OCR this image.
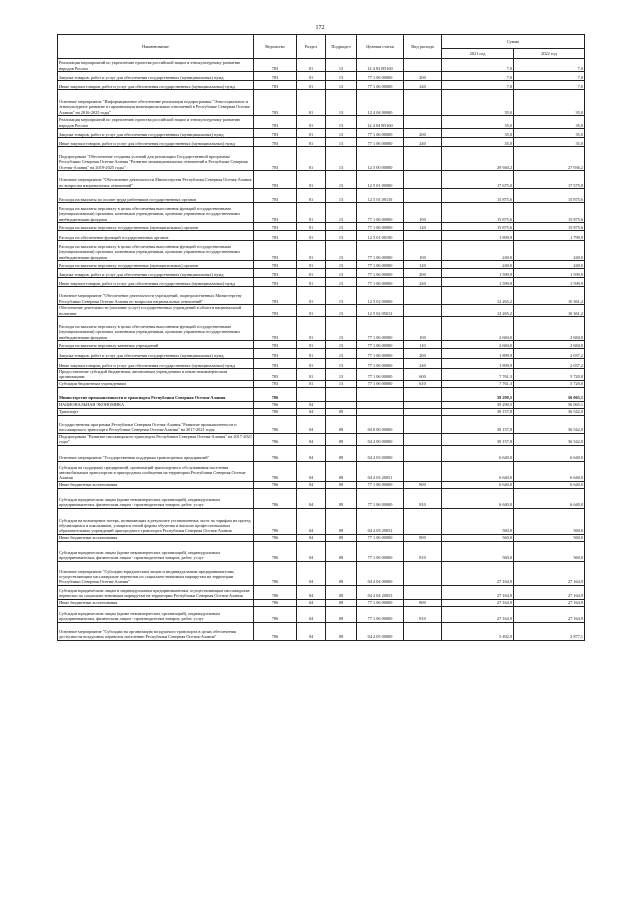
172
Наименование	Ведомство	Раздел	Подраздел	Целевая статья	Вид расхода	Сумма	
						2021 год	2022 год
Реализация мероприятий по укреплению единства российской нации и этнокультурному развитию народов России	783	01	13	12 4 03 R5160		7,0	7,0
Закупка товаров, работ и услуг для обеспечения государственных (муниципальных) нужд	783	01	13	77 1 06 00000	200	7,0	7,0
Иные закупки товаров, работ и услуг для обеспечения государственных (муниципальных) нужд	783	01	13	77 1 06 00000	240	7,0	7,0
Основное мероприятие "Информационное обеспечение реализации подпрограммы "Этносоциальное и этнокультурное развитие и гармонизация межнациональных отношений в Республике Северная Осетия-Алания" на 2016-2025 годы"	783	01	13	12 4 04 00000		35,0	35,0
Реализация мероприятий по укреплению единства российской нации и этнокультурному развитию народов России	783	01	13	12 4 04 R5160		35,0	35,0
Закупка товаров, работ и услуг для обеспечения государственных (муниципальных) нужд	783	01	13	77 1 06 00000	200	35,0	35,0
Иные закупки товаров, работ и услуг для обеспечения государственных (муниципальных) нужд	783	01	13	77 1 06 00000	240	35,0	35,0
Подпрограмма "Обеспечение создания условий для реализации Государственной программы Республики Северная Осетия-Алания "Развитие межнациональных отношений в Республике Северная Осетия-Алания" на 2019-2025 годы"	783	01	13	12 5 00 00000		29 940,2	27 936,2
Основное мероприятие "Обеспечение деятельности Министерства Республики Северная Осетия-Алания по вопросам национальных отношений"	783	01	13	12 5 01 00000		17 675,0	17 575,0
Расходы на выплаты по оплате труда работников государственных органов	783	01	13	12 5 01 00110		15 875,6	15 875,6
Расходы на выплаты персоналу в целях обеспечения выполнения функций государственными (муниципальными) органами, казенными учреждениями, органами управления государственными внебюджетными фондами	783	01	13	77 1 06 00000	100	15 875,6	15 875,6
Расходы на выплаты персоналу государственных (муниципальных) органов	783	01	13	77 1 06 00000	120	15 875,6	15 875,6
Расходы на обеспечение функций государственных органов	783	01	13	12 5 01 00190		1 899,9	1 799,9
Расходы на выплаты персоналу в целях обеспечения выполнения функций государственными (муниципальными) органами, казенными учреждениями, органами управления государственными внебюджетными фондами	783	01	13	77 1 06 00000	100	240,0	240,0
Расходы на выплаты персоналу государственных (муниципальных) органов	783	01	13	77 1 06 00000	120	240,0	240,0
Закупка товаров, работ и услуг для обеспечения государственных (муниципальных) нужд	783	01	13	77 1 06 00000	200	1 599,9	1 599,9
Иные закупки товаров, работ и услуг для обеспечения государственных (муниципальных) нужд	783	01	13	77 1 06 00000	240	1 599,9	1 599,9
Основное мероприятие "Обеспечение деятельности учреждений, подведомственных Министерству Республики Северная Осетия-Алания по вопросам национальных отношений"	783	01	13	12 5 02 00000		12 265,2	10 361,2
Обеспечение деятельности (оказание услуг) государственных учреждений в области национальной политики	783	01	13	12 5 02 05012		12 265,2	10 361,2
Расходы на выплаты персоналу в целях обеспечения выполнения функций государственными (муниципальными) органами, казенными учреждениями, органами управления государственными внебюджетными фондами	783	01	13	77 1 06 00000	100	2 684,0	2 684,0
Расходы на выплаты персоналу казенных учреждений	783	01	13	77 1 06 00000	110	2 684,0	2 684,0
Закупка товаров, работ и услуг для обеспечения государственных (муниципальных) нужд	783	01	13	77 1 06 00000	200	1 899,9	2 037,2
Иные закупки товаров, работ и услуг для обеспечения государственных (муниципальных) нужд	783	01	13	77 1 06 00000	240	1 899,9	2 037,2
Предоставление субсидий бюджетным, автономным учреждениям и иным некоммерческим организациям	783	01	13	77 1 06 00000	600	7 761,3	5 720,0
Субсидии бюджетным учреждениям	783	01	13	77 1 06 00000	610	7 761,3	5 720,0
Министерство промышленности и транспорта Республики Северная Осетия-Алания	786					59 290,5	56 065,1
НАЦИОНАЛЬНАЯ ЭКОНОМИКА	786	04				59 290,5	56 065,1
Транспорт	786	04	08			39 157,8	36 542,0
Государственная программа Республики Северная Осетия-Алания "Развитие промышленности и пассажирского транспорта Республики Северная Осетия-Алания" на 2017-2021 годы	786	04	08	04 0 00 00000		39 157,8	36 542,0
Подпрограмма "Развитие пассажирского транспорта Республики Северная Осетия-Алания" на 2017-2021 годы"	786	04	08	04 2 00 00000		39 157,8	36 542,0
Основное мероприятие "Государственная поддержка транспортных предприятий"	786	04	08	04 2 03 00000		6 640,0	6 640,0
Субсидии на поддержку предприятий, организаций транспортного обслуживания населения автомобильным транспортом в пригородном сообщении на территории Республики Северная Осетия-Алания	786	04	08	04 2 03 20051		6 640,0	6 640,0
Иные бюджетные ассигнования	786	04	08	77 1 06 00000	800	6 640,0	6 640,0
Субсидии юридическим лицам (кроме некоммерческих организаций), индивидуальным предпринимателям, физическим лицам - производителям товаров, работ, услуг	786	04	08	77 1 06 00000	810	6 640,0	6 640,0
Субсидии на возмещение потерь, возникающих в результате установленных льгот по тарифам на проезд обучающимся и школьников, учащихся очной формы обучения и высших профессиональных образовательных учреждений пригородного транспорта Республики Северная Осетия-Алания	786	04	08	04 2 03 20052		560,0	560,0
Иные бюджетные ассигнования	786	04	08	77 1 06 00000	800	560,0	560,0
Субсидии юридическим лицам (кроме некоммерческих организаций), индивидуальным предпринимателям, физическим лицам - производителям товаров, работ, услуг	786	04	08	77 1 06 00000	810	560,0	560,0
Основное мероприятие "Субсидии юридическим лицам и индивидуальным предпринимателям, осуществляющим пассажирские перевозки по социально-значимым маршрутам на территории Республики Северная Осетия-Алания"	786	04	08	04 2 04 00000		27 164,9	27 164,9
Субсидии юридическим лицам и индивидуальным предпринимателям, осуществляющим пассажирские перевозки по социально-значимым маршрутам на территории Республики Северная Осетия-Алания	786	04	08	04 2 04 20053		27 164,9	27 164,9
Иные бюджетные ассигнования	786	04	08	77 1 06 00000	800	27 164,9	27 164,9
Субсидии юридическим лицам (кроме некоммерческих организаций), индивидуальным предпринимателям, физическим лицам - производителям товаров, работ, услуг	786	04	08	77 1 06 00000	810	27 164,9	27 164,9
Основное мероприятие "Субсидии на организацию воздушного транспорта в целях обеспечения доступности воздушных перевозок населению Республики Северная Осетия-Алания"	786	04	08	04 2 05 00000		5 492,9	2 877,1
